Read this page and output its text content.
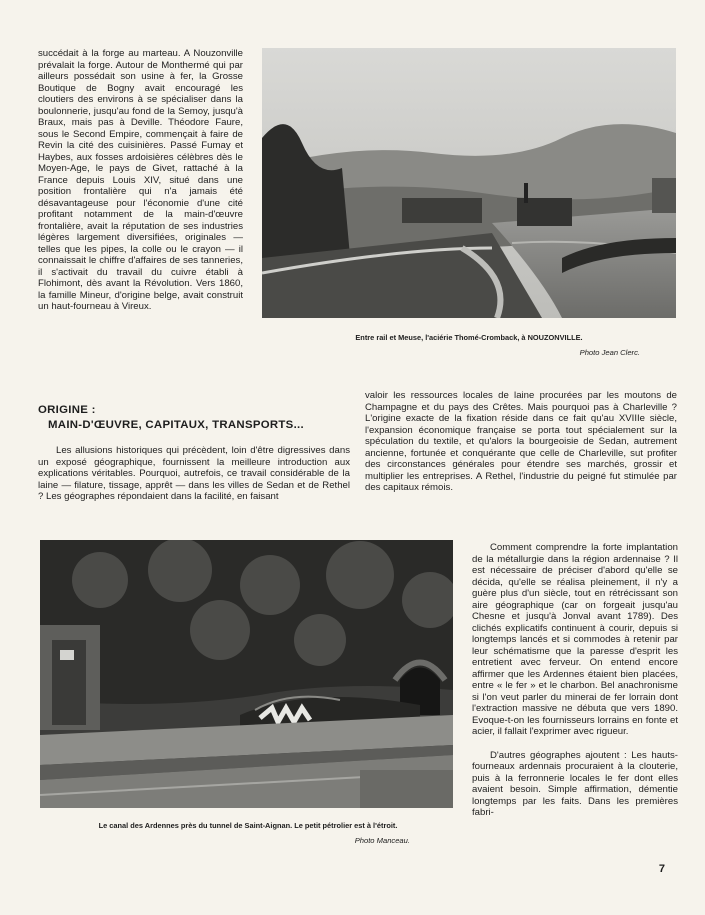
succédait à la forge au marteau. A Nouzonville prévalait la forge. Autour de Monthermé qui par ailleurs possédait son usine à fer, la Grosse Boutique de Bogny avait encouragé les cloutiers des environs à se spécialiser dans la boulonnerie, jusqu'au fond de la Semoy, jusqu'à Braux, mais pas à Deville. Théodore Faure, sous le Second Empire, commençait à faire de Revin la cité des cuisinières. Passé Fumay et Haybes, aux fosses ardoisières célèbres dès le Moyen-Age, le pays de Givet, rattaché à la France depuis Louis XIV, situé dans une position frontalière qui n'a jamais été désavantageuse pour l'économie d'une cité profitant notamment de la main-d'œuvre frontalière, avait la réputation de ses industries légères largement diversifiées, originales — telles que les pipes, la colle ou le crayon — il connaissait le chiffre d'affaires de ses tanneries, il s'activait du travail du cuivre établi à Flohimont, dès avant la Révolution. Vers 1860, la famille Mineur, d'origine belge, avait construit un haut-fourneau à Vireux.

Entre rail et Meuse, l'aciérie Thomé-Cromback, à NOUZONVILLE.

Photo Jean Clerc.

ORIGINE :
MAIN-D'ŒUVRE, CAPITAUX, TRANSPORTS...

Les allusions historiques qui précèdent, loin d'être digressives dans un exposé géographique, fournissent la meilleure introduction aux explications véritables. Pourquoi, autrefois, ce travail considérable de la laine — filature, tissage, apprêt — dans les villes de Sedan et de Rethel ? Les géographes répondaient dans la facilité, en faisant

valoir les ressources locales de laine procurées par les moutons de Champagne et du pays des Crêtes. Mais pourquoi pas à Charleville ? L'origine exacte de la fixation réside dans ce fait qu'au XVIIIe siècle, l'expansion économique française se porta tout spécialement sur la spéculation du textile, et qu'alors la bourgeoisie de Sedan, autrement ancienne, fortunée et conquérante que celle de Charleville, sut profiter des circonstances générales pour étendre ses marchés, grossir et multiplier les entreprises. A Rethel, l'industrie du peigné fut stimulée par des capitaux rémois.

Le canal des Ardennes près du tunnel de Saint-Aignan. Le petit pétrolier est à l'étroit.

Photo Manceau.

Comment comprendre la forte implantation de la métallurgie dans la région ardennaise ? Il est nécessaire de préciser d'abord qu'elle se décida, qu'elle se réalisa pleinement, il n'y a guère plus d'un siècle, tout en rétrécissant son aire géographique (car on forgeait jusqu'au Chesne et jusqu'à Jonval avant 1789). Des clichés explicatifs continuent à courir, depuis si longtemps lancés et si commodes à retenir par leur schématisme que la paresse d'esprit les entretient avec ferveur. On entend encore affirmer que les Ardennes étaient bien placées, entre « le fer » et le charbon. Bel anachronisme si l'on veut parler du minerai de fer lorrain dont l'extraction massive ne débuta que vers 1890. Evoque-t-on les fournisseurs lorrains en fonte et acier, il fallait l'exprimer avec rigueur.

D'autres géographes ajoutent : Les hauts-fourneaux ardennais procuraient à la clouterie, puis à la ferronnerie locales le fer dont elles avaient besoin. Simple affirmation, démentie longtemps par les faits. Dans les premières fabri-

7
